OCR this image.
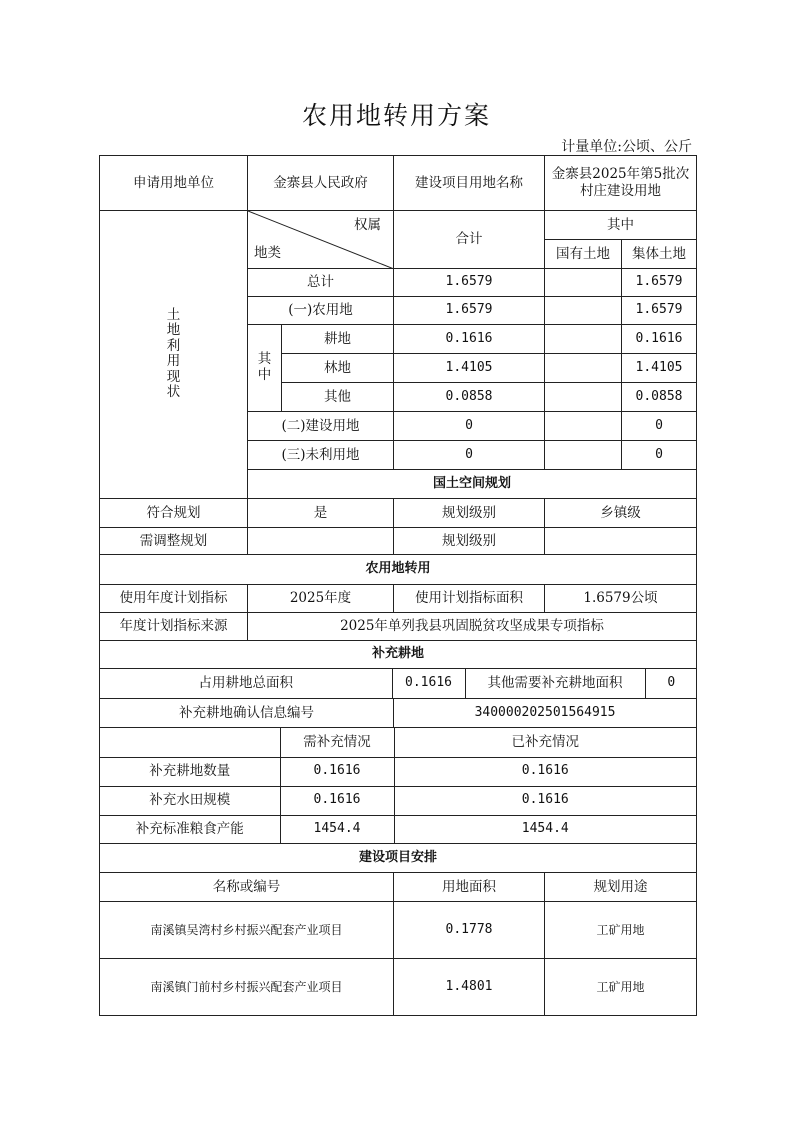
农用地转用方案
计量单位:公顷、公斤
申请用地单位	金寨县人民政府	建设项目用地名称	金寨县2025年第5批次村庄建设用地
土地利用现状	
权属
地类
	合计	其中
国有土地	集体土地
总计	1.6579		1.6579
(一)农用地	1.6579		1.6579
其中	耕地	0.1616		0.1616
林地	1.4105		1.4105
其他	0.0858		0.0858
(二)建设用地	0		0
(三)未利用地	0		0
国土空间规划
符合规划	是	规划级别	乡镇级
需调整规划		规划级别	
农用地转用
使用年度计划指标	2025年度	使用计划指标面积	1.6579公顷
年度计划指标来源	2025年单列我县巩固脱贫攻坚成果专项指标
补充耕地

占用耕地总面积	0.1616	其他需要补充耕地面积	0

补充耕地确认信息编号	340000202501564915

	需补充情况	已补充情况
补充耕地数量	0.1616	0.1616
补充水田规模	0.1616	0.1616
补充标准粮食产能	1454.4	1454.4

建设项目安排
名称或编号	用地面积	规划用途
南溪镇吴湾村乡村振兴配套产业项目	0.1778	工矿用地
南溪镇门前村乡村振兴配套产业项目	1.4801	工矿用地
